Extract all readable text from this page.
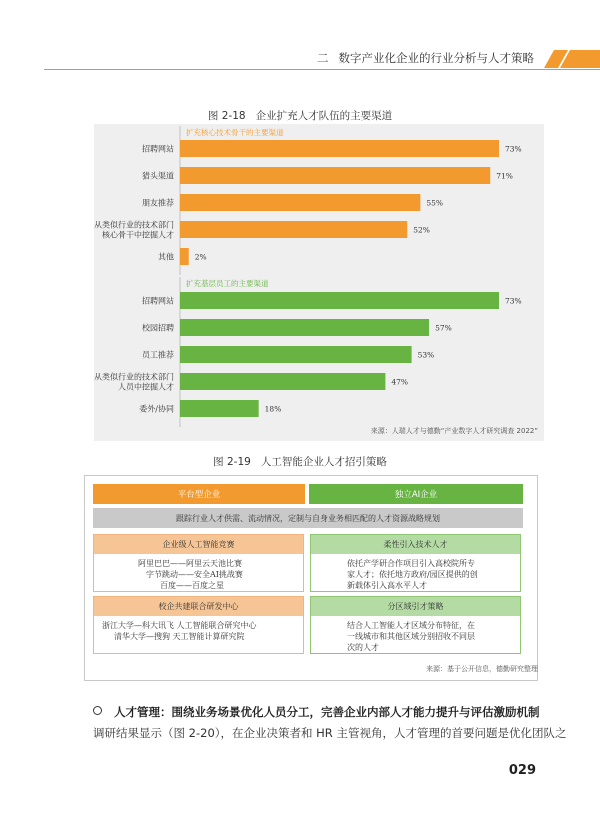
二 数字产业化企业的行业分析与人才策略
图 2-18 企业扩充人才队伍的主要渠道
扩充核心技术骨干的主要渠道
73%
招聘网站
71%
猎头渠道
55%
朋友推荐
52%
从类似行业的技术部门
核心骨干中挖掘人才
2%
其他
扩充基层员工的主要渠道
73%
招聘网站
57%
校园招聘
53%
员工推荐
47%
从类似行业的技术部门
人员中挖掘人才
18%
委外/协同
来源：人瑞人才与德勤“产业数字人才研究调查 2022”
图 2-19 人工智能企业人才招引策略
平台型企业	独立AI企业
跟踪行业人才供需、流动情况，定制与自身业务相匹配的人才资源战略规划
企业级人工智能竞赛
阿里巴巴——阿里云天池比赛
字节跳动——安全AI挑战赛
百度——百度之星
柔性引入技术人才
依托产学研合作项目引入高校院所专
家人才；依托地方政府/园区提供的创
新载体引入高水平人才
校企共建联合研发中心
浙江大学—科大讯飞 人工智能联合研究中心
清华大学—搜狗 天工智能计算研究院
分区域引才策略
结合人工智能人才区域分布特征，在
一线城市和其他区域分别招收不同层
次的人才
来源：基于公开信息，德勤研究整理
人才管理：围绕业务场景优化人员分工，完善企业内部人才能力提升与评估激励机制
调研结果显示（图 2-20），在企业决策者和 HR 主管视角，人才管理的首要问题是优化团队之
029
